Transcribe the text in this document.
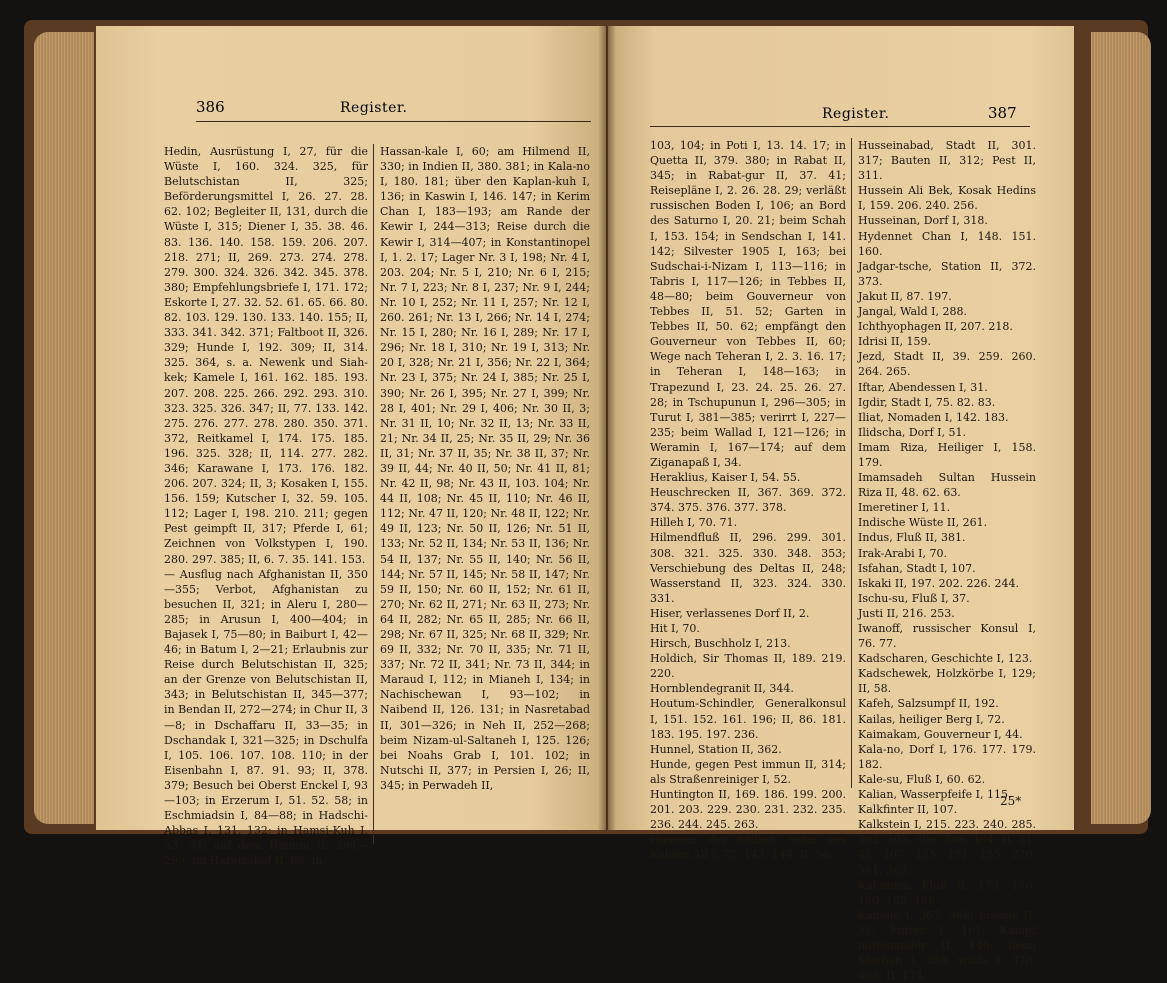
386	Register.

Hedin, Ausrüstung I, 27, für die Wüste I, 160. 324. 325, für Belutschistan II, 325; Beförderungsmittel I, 26. 27. 28. 62. 102; Begleiter II, 131, durch die Wüste I, 315; Diener I, 35. 38. 46. 83. 136. 140. 158. 159. 206. 207. 218. 271; II, 269. 273. 274. 278. 279. 300. 324. 326. 342. 345. 378. 380; Empfehlungsbriefe I, 171. 172; Eskorte I, 27. 32. 52. 61. 65. 66. 80. 82. 103. 129. 130. 133. 140. 155; II, 333. 341. 342. 371; Faltboot II, 326. 329; Hunde I, 192. 309; II, 314. 325. 364, s. a. Newenk und Siah-kek; Kamele I, 161. 162. 185. 193. 207. 208. 225. 266. 292. 293. 310. 323. 325. 326. 347; II, 77. 133. 142. 275. 276. 277. 278. 280. 350. 371. 372, Reitkamel I, 174. 175. 185. 196. 325. 328; II, 114. 277. 282. 346; Karawane I, 173. 176. 182. 206. 207. 324; II, 3; Kosaken I, 155. 156. 159; Kutscher I, 32. 59. 105. 112; Lager I, 198. 210. 211; gegen Pest geimpft II, 317; Pferde I, 61; Zeichnen von Volkstypen I, 190. 280. 297. 385; II, 6. 7. 35. 141. 153.

— Ausflug nach Afghanistan II, 350—355; Verbot, Afghanistan zu besuchen II, 321; in Aleru I, 280—285; in Arusun I, 400—404; in Bajasek I, 75—80; in Baiburt I, 42—46; in Batum I, 2—21; Erlaubnis zur Reise durch Belutschistan II, 325; an der Grenze von Belutschistan II, 343; in Belutschistan II, 345—377; in Bendan II, 272—274; in Chur II, 3—8; in Dschaffaru II, 33—35; in Dschandak I, 321—325; in Dschulfa I, 105. 106. 107. 108. 110; in der Eisenbahn I, 87. 91. 93; II, 378. 379; Besuch bei Oberst Enckel I, 93—103; in Erzerum I, 51. 52. 58; in Eschmiadsin I, 84—88; in Hadschi-Abbas I, 131. 132; in Hamsi-Kuh I, 33. 34; auf dem Hamun II, 294—299; im Haremshof II, 86; in

Hassan-kale I, 60; am Hilmend II, 330; in Indien II, 380. 381; in Kala-no I, 180. 181; über den Kaplan-kuh I, 136; in Kaswin I, 146. 147; in Kerim Chan I, 183—193; am Rande der Kewir I, 244—313; Reise durch die Kewir I, 314—407; in Konstantinopel I, 1. 2. 17; Lager Nr. 3 I, 198; Nr. 4 I, 203. 204; Nr. 5 I, 210; Nr. 6 I, 215; Nr. 7 I, 223; Nr. 8 I, 237; Nr. 9 I, 244; Nr. 10 I, 252; Nr. 11 I, 257; Nr. 12 I, 260. 261; Nr. 13 I, 266; Nr. 14 I, 274; Nr. 15 I, 280; Nr. 16 I, 289; Nr. 17 I, 296; Nr. 18 I, 310; Nr. 19 I, 313; Nr. 20 I, 328; Nr. 21 I, 356; Nr. 22 I, 364; Nr. 23 I, 375; Nr. 24 I, 385; Nr. 25 I, 390; Nr. 26 I, 395; Nr. 27 I, 399; Nr. 28 I, 401; Nr. 29 I, 406; Nr. 30 II, 3; Nr. 31 II, 10; Nr. 32 II, 13; Nr. 33 II, 21; Nr. 34 II, 25; Nr. 35 II, 29; Nr. 36 II, 31; Nr. 37 II, 35; Nr. 38 II, 37; Nr. 39 II, 44; Nr. 40 II, 50; Nr. 41 II, 81; Nr. 42 II, 98; Nr. 43 II, 103. 104; Nr. 44 II, 108; Nr. 45 II, 110; Nr. 46 II, 112; Nr. 47 II, 120; Nr. 48 II, 122; Nr. 49 II, 123; Nr. 50 II, 126; Nr. 51 II, 133; Nr. 52 II, 134; Nr. 53 II, 136; Nr. 54 II, 137; Nr. 55 II, 140; Nr. 56 II, 144; Nr. 57 II, 145; Nr. 58 II, 147; Nr. 59 II, 150; Nr. 60 II, 152; Nr. 61 II, 270; Nr. 62 II, 271; Nr. 63 II, 273; Nr. 64 II, 282; Nr. 65 II, 285; Nr. 66 II, 298; Nr. 67 II, 325; Nr. 68 II, 329; Nr. 69 II, 332; Nr. 70 II, 335; Nr. 71 II, 337; Nr. 72 II, 341; Nr. 73 II, 344; in Maraud I, 112; in Mianeh I, 134; in Nachischewan I, 93—102; in Naibend II, 126. 131; in Nasretabad II, 301—326; in Neh II, 252—268; beim Nizam-ul-Saltaneh I, 125. 126; bei Noahs Grab I, 101. 102; in Nutschi II, 377; in Persien I, 26; II, 345; in Perwadeh II,

Register.	387

103, 104; in Poti I, 13. 14. 17; in Quetta II, 379. 380; in Rabat II, 345; in Rabat-gur II, 37. 41; Reisepläne I, 2. 26. 28. 29; verläßt russischen Boden I, 106; an Bord des Saturno I, 20. 21; beim Schah I, 153. 154; in Sendschan I, 141. 142; Silvester 1905 I, 163; bei Sudschai-i-Nizam I, 113—116; in Tabris I, 117—126; in Tebbes II, 48—80; beim Gouverneur von Tebbes II, 51. 52; Garten in Tebbes II, 50. 62; empfängt den Gouverneur von Tebbes II, 60; Wege nach Teheran I, 2. 3. 16. 17; in Teheran I, 148—163; in Trapezund I, 23. 24. 25. 26. 27. 28; in Tschupunun I, 296—305; in Turut I, 381—385; verirrt I, 227—235; beim Wallad I, 121—126; in Weramin I, 167—174; auf dem Ziganapaß I, 34.

Heraklius, Kaiser I, 54. 55.

Heuschrecken II, 367. 369. 372. 374. 375. 376. 377. 378.

Hilleh I, 70. 71.

Hilmendfluß II, 296. 299. 301. 308. 321. 325. 330. 348. 353; Verschiebung des Deltas II, 248; Wasserstand II, 323. 324. 330. 331.

Hiser, verlassenes Dorf II, 2.

Hit I, 70.

Hirsch, Buschholz I, 213.

Holdich, Sir Thomas II, 189. 219. 220.

Hornblendegranit II, 344.

Houtum-Schindler, Generalkonsul I, 151. 152. 161. 196; II, 86. 181. 183. 195. 197. 236.

Hunnel, Station II, 362.

Hunde, gegen Pest immun II, 314; als Straßenreiniger I, 52.

Huntington II, 169. 186. 199. 200. 201. 203. 229. 230. 231. 232. 235. 236. 244. 245. 263.

Hussein, der heilige, Sohn des Kalifen Ali I, 72. 143. 144; II, 56.

Husseinabad, Stadt II, 301. 317; Bauten II, 312; Pest II, 311.

Hussein Ali Bek, Kosak Hedins I, 159. 206. 240. 256.

Husseinan, Dorf I, 318.

Hydennet Chan I, 148. 151. 160.

Jadgar-tsche, Station II, 372. 373.

Jakut II, 87. 197.

Jangal, Wald I, 288.

Ichthyophagen II, 207. 218.

Idrisi II, 159.

Jezd, Stadt II, 39. 259. 260. 264. 265.

Iftar, Abendessen I, 31.

Igdir, Stadt I, 75. 82. 83.

Iliat, Nomaden I, 142. 183.

Ilidscha, Dorf I, 51.

Imam Riza, Heiliger I, 158. 179.

Imamsadeh Sultan Hussein Riza II, 48. 62. 63.

Imeretiner I, 11.

Indische Wüste II, 261.

Indus, Fluß II, 381.

Irak-Arabi I, 70.

Isfahan, Stadt I, 107.

Iskaki II, 197. 202. 226. 244.

Ischu-su, Fluß I, 37.

Justi II, 216. 253.

Iwanoff, russischer Konsul I, 76. 77.

Kadscharen, Geschichte I, 123.

Kadschewek, Holzkörbe I, 129; II, 58.

Kafeh, Salzsumpf II, 192.

Kailas, heiliger Berg I, 72.

Kaimakam, Gouverneur I, 44.

Kala-no, Dorf I, 176. 177. 179. 182.

Kale-su, Fluß I, 60. 62.

Kalian, Wasserpfeife I, 115.

Kalkfinter II, 107.

Kalkstein I, 215. 223. 240. 285. 302. 303. 306. 388. 404; II, 31. 42. 107. 125. 151. 155. 270. 361. 363.

Kal-mura, Fluß II, 173. 176. 180. 185. 186.

Kamele I, 367. 368; bissige II, 35; Futter I, 161; Kampf miteinander II, 146; beim Sterben I, 338; wilde I, 378. 403; II, 174.

25*
